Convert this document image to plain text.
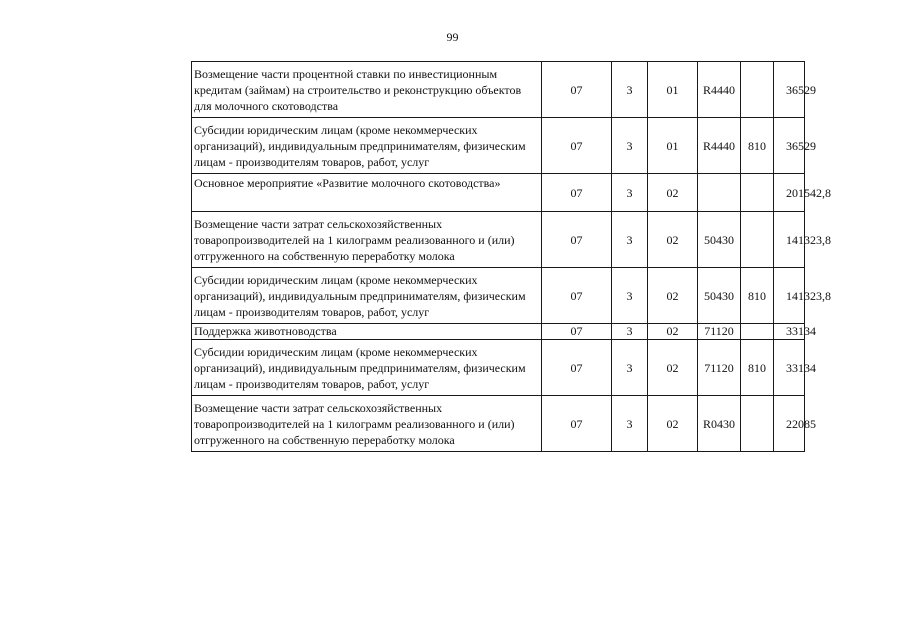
99
Возмещение части процентной ставки по инвестиционным кредитам (займам) на строительство и реконструкцию объектов для молочного скотоводства	07	3	01	R4440		36529
Субсидии юридическим лицам (кроме некоммерческих организаций), индивидуальным предпринимателям, физическим лицам - производителям товаров, работ, услуг	07	3	01	R4440	810	36529
Основное мероприятие «Развитие молочного скотоводства»	07	3	02			201542,8
Возмещение части затрат сельскохозяйственных товаропроизводителей на 1 килограмм реализованного и (или) отгруженного на собственную переработку молока	07	3	02	50430		141323,8
Субсидии юридическим лицам (кроме некоммерческих организаций), индивидуальным предпринимателям, физическим лицам - производителям товаров, работ, услуг	07	3	02	50430	810	141323,8
Поддержка животноводства	07	3	02	71120		33134
Субсидии юридическим лицам (кроме некоммерческих организаций), индивидуальным предпринимателям, физическим лицам - производителям товаров, работ, услуг	07	3	02	71120	810	33134
Возмещение части затрат сельскохозяйственных товаропроизводителей на 1 килограмм реализованного и (или) отгруженного на собственную переработку молока	07	3	02	R0430		22085
